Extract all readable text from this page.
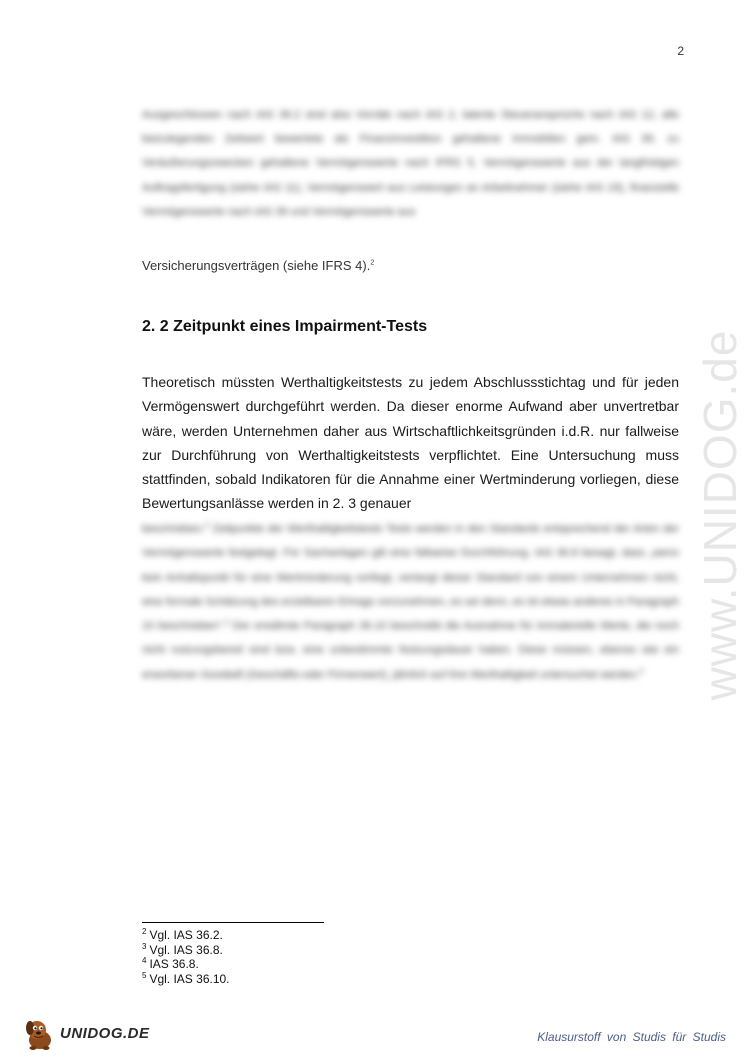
2
www.UNIDOG.de

Ausgeschlossen nach IAS 36.2 sind also Vorräte nach IAS 2, latente Steueransprüche nach IAS 12, alle beizulegenden Zeitwert bewertete als Finanzinvestition gehaltene Immobilien gem. IAS 39, zu Veräußerungszwecken gehaltene Vermögenswerte nach IFRS 5, Vermögenswerte aus der langfristigen Auftragsfertigung (siehe IAS 11), Vermögenswert aus Leistungen an Arbeitnehmer (siehe IAS 19), finanzielle Vermögenswerte nach IAS 39 und Vermögenswerte aus

Versicherungsverträgen (siehe IFRS 4).$^2$
2. 2 Zeitpunkt eines Impairment-Tests

Theoretisch müssten Werthaltigkeitstests zu jedem Abschlussstichtag und für jeden Vermögenswert durchgeführt werden. Da dieser enorme Aufwand aber unvertretbar wäre, werden Unternehmen daher aus Wirtschaftlichkeitsgründen i.d.R. nur fallweise zur Durchführung von Werthaltigkeitstests verpflichtet. Eine Untersuchung muss stattfinden, sobald Indikatoren für die Annahme einer Wertminderung vorliegen, diese Bewertungsanlässe werden in 2. 3 genauer

beschrieben.$^3$ Zeitpunkte der Werthaltigkeitstests Tests werden in den Standards entsprechend der Arten der Vermögenswerte festgelegt. Für Sachanlagen gilt eine fallweise Durchführung. IAS 36.8 besagt, dass „wenn kein Anhaltspunkt für eine Wertminderung vorliegt, verlangt dieser Standard von einem Unternehmen nicht, eine formale Schätzung des erzielbaren Ertrags vorzunehmen, es sei denn, es ist etwas anderes in Paragraph 10 beschrieben“.$^4$ Der erwähnte Paragraph 36.10 beschreibt die Ausnahme für immaterielle Werte, die noch nicht nutzungsbereit sind bzw. eine unbestimmte Nutzungsdauer haben. Diese müssen, ebenso wie ein erworbener Goodwill (Geschäfts-oder Firmenwert), jährlich auf ihre Werthaltigkeit untersuchet werden.$^5$

$^2$ Vgl. IAS 36.2.
$^3$ Vgl. IAS 36.8.
$^4$ IAS 36.8.
$^5$ Vgl. IAS 36.10.
UNIDOG.DE	Klausurstoff von Studis für Studis
